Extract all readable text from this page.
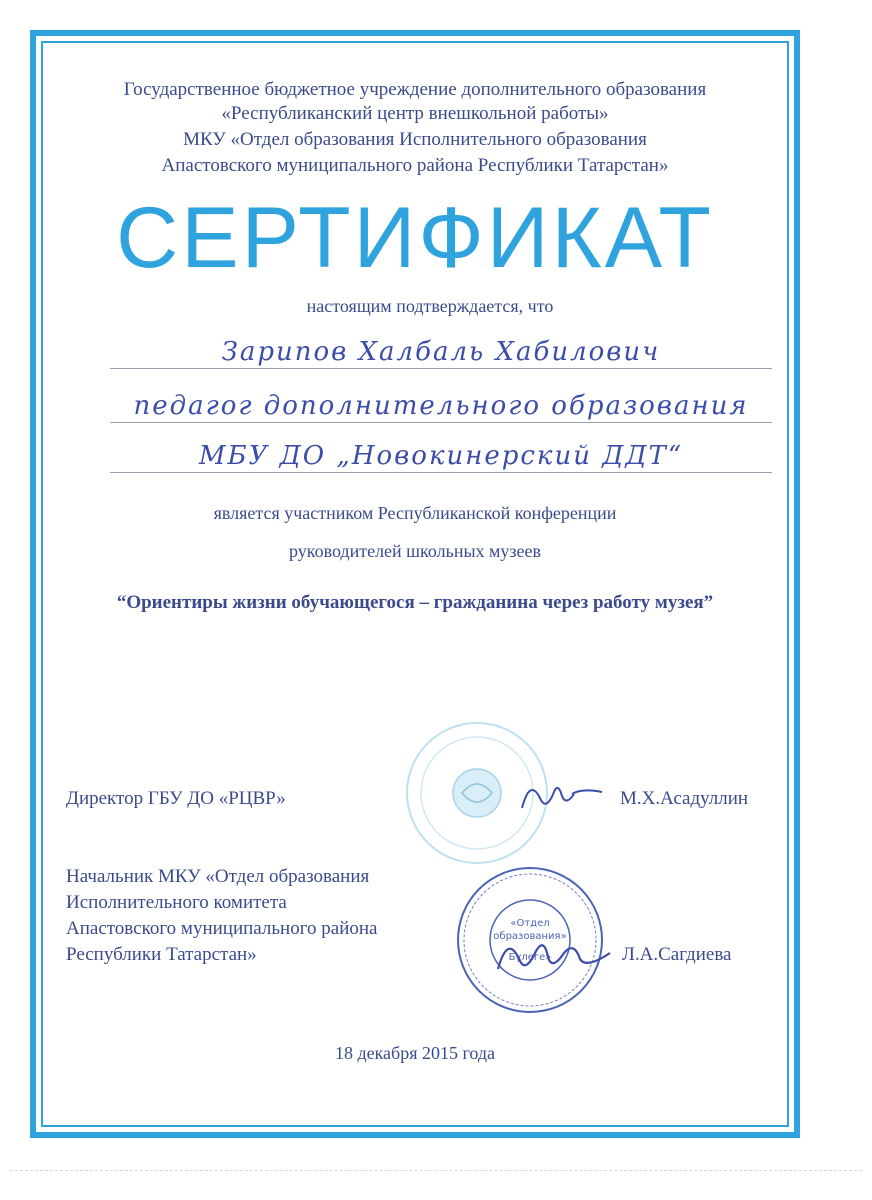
Государственное бюджетное учреждение дополнительного образования
«Республиканский центр внешкольной работы»
МКУ «Отдел образования Исполнительного образования
Апастовского муниципального района Республики Татарстан»
СЕРТИФИКАТ
настоящим подтверждается, что
Зарипов Халбаль Хабилович
педагог дополнительного образования
МБУ ДО „Новокинерский ДДТ“
является участником Республиканской конференции
руководителей школьных музеев
“Ориентиры жизни обучающегося – гражданина через работу музея”
Директор ГБУ ДО «РЦВР»	М.Х.Асадуллин
Начальник МКУ «Отдел образования
Исполнительного комитета
Апастовского муниципального района
Республики Татарстан»
«Отдел
образования»
Бүлеге»	Л.А.Сагдиева
18 декабря 2015 года
